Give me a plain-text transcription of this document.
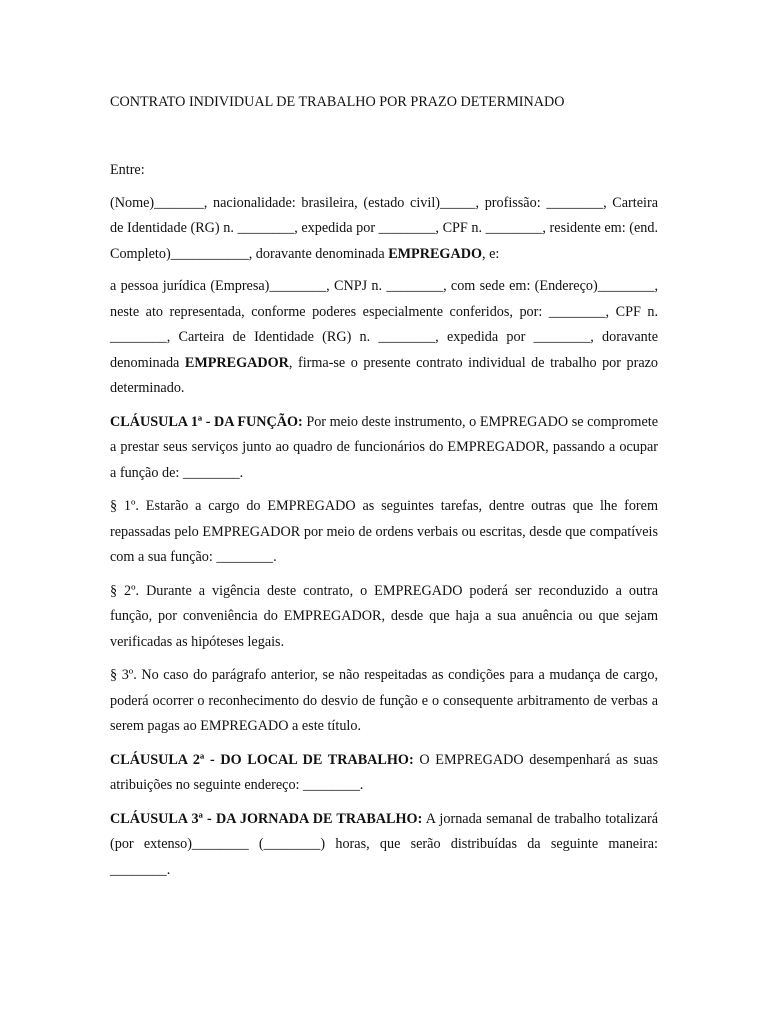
CONTRATO INDIVIDUAL DE TRABALHO POR PRAZO DETERMINADO

Entre:

(Nome)_______, nacionalidade: brasileira, (estado civil)_____, profissão: ________, Carteira de Identidade (RG) n. ________, expedida por ________, CPF n. ________, residente em: (end. Completo)___________, doravante denominada EMPREGADO, e:

a pessoa jurídica (Empresa)________, CNPJ n. ________, com sede em: (Endereço)________, neste ato representada, conforme poderes especialmente conferidos, por: ________, CPF n. ________, Carteira de Identidade (RG) n. ________, expedida por ________, doravante denominada EMPREGADOR, firma-se o presente contrato individual de trabalho por prazo determinado.

CLÁUSULA 1ª - DA FUNÇÃO: Por meio deste instrumento, o EMPREGADO se compromete a prestar seus serviços junto ao quadro de funcionários do EMPREGADOR, passando a ocupar a função de: ________.

§ 1º. Estarão a cargo do EMPREGADO as seguintes tarefas, dentre outras que lhe forem repassadas pelo EMPREGADOR por meio de ordens verbais ou escritas, desde que compatíveis com a sua função: ________.

§ 2º. Durante a vigência deste contrato, o EMPREGADO poderá ser reconduzido a outra função, por conveniência do EMPREGADOR, desde que haja a sua anuência ou que sejam verificadas as hipóteses legais.

§ 3º. No caso do parágrafo anterior, se não respeitadas as condições para a mudança de cargo, poderá ocorrer o reconhecimento do desvio de função e o consequente arbitramento de verbas a serem pagas ao EMPREGADO a este título.

CLÁUSULA 2ª - DO LOCAL DE TRABALHO: O EMPREGADO desempenhará as suas atribuições no seguinte endereço: ________.

CLÁUSULA 3ª - DA JORNADA DE TRABALHO: A jornada semanal de trabalho totalizará (por extenso)________ (________) horas, que serão distribuídas da seguinte maneira: ________.
